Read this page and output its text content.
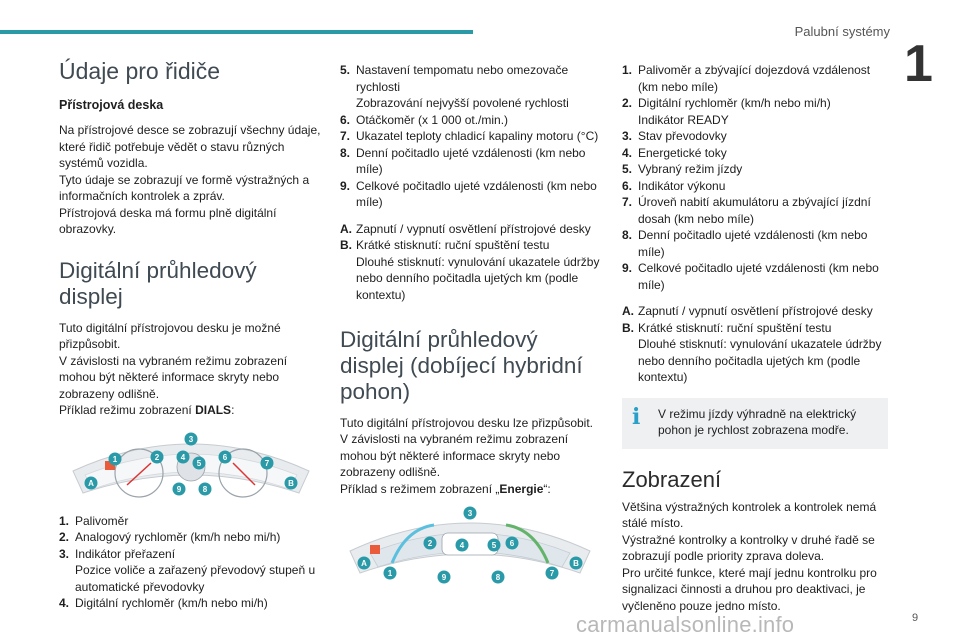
Palubní systémy
1
9
carmanualsonline.info
Údaje pro řidiče
Přístrojová deska

Na přístrojové desce se zobrazují všechny údaje, které řidič potřebuje vědět o stavu různých systémů vozidla.
Tyto údaje se zobrazují ve formě výstražných a informačních kontrolek a zpráv.
Přístrojová deska má formu plně digitální obrazovky.

Digitální průhledový displej

Tuto digitální přístrojovou desku je možné přizpůsobit.
V závislosti na vybraném režimu zobrazení mohou být některé informace skryty nebo zobrazeny odlišně.

Příklad režimu zobrazení DIALS:

1	2
3
4
5
6
7
8
9
A	B
1. Palivoměr
2. Analogový rychloměr (km/h nebo mi/h)
3. Indikátor přeřazení
Pozice voliče a zařazený převodový stupeň u automatické převodovky
4. Digitální rychloměr (km/h nebo mi/h)
5. Nastavení tempomatu nebo omezovače rychlosti
Zobrazování nejvyšší povolené rychlosti
6. Otáčkoměr (x 1 000 ot./min.)
7. Ukazatel teploty chladicí kapaliny motoru (°C)
8. Denní počitadlo ujeté vzdálenosti (km nebo míle)
9. Celkové počitadlo ujeté vzdálenosti (km nebo míle)
A. Zapnutí / vypnutí osvětlení přístrojové desky
B. Krátké stisknutí: ruční spuštění testu
Dlouhé stisknutí: vynulování ukazatele údržby nebo denního počitadla ujetých km (podle kontextu)
Digitální průhledový displej (dobíjecí hybridní pohon)

Tuto digitální přístrojovou desku lze přizpůsobit.
V závislosti na vybraném režimu zobrazení mohou být některé informace skryty nebo zobrazeny odlišně.

Příklad s režimem zobrazení „Energie“:

1
2
3
4	5 6
7
8
9
A	B
1. Palivoměr a zbývající dojezdová vzdálenost (km nebo míle)
2. Digitální rychloměr (km/h nebo mi/h)
Indikátor READY
3. Stav převodovky
4. Energetické toky
5. Vybraný režim jízdy
6. Indikátor výkonu
7. Úroveň nabití akumulátoru a zbývající jízdní dosah (km nebo míle)
8. Denní počitadlo ujeté vzdálenosti (km nebo míle)
9. Celkové počitadlo ujeté vzdálenosti (km nebo míle)
A. Zapnutí / vypnutí osvětlení přístrojové desky
B. Krátké stisknutí: ruční spuštění testu
Dlouhé stisknutí: vynulování ukazatele údržby nebo denního počitadla ujetých km (podle kontextu)
i	V režimu jízdy výhradně na elektrický pohon je rychlost zobrazena modře.
Zobrazení

Většina výstražných kontrolek a kontrolek nemá stálé místo.
Výstražné kontrolky a kontrolky v druhé řadě se zobrazují podle priority zprava doleva.
Pro určité funkce, které mají jednu kontrolku pro signalizaci činnosti a druhou pro deaktivaci, je vyčleněno pouze jedno místo.
